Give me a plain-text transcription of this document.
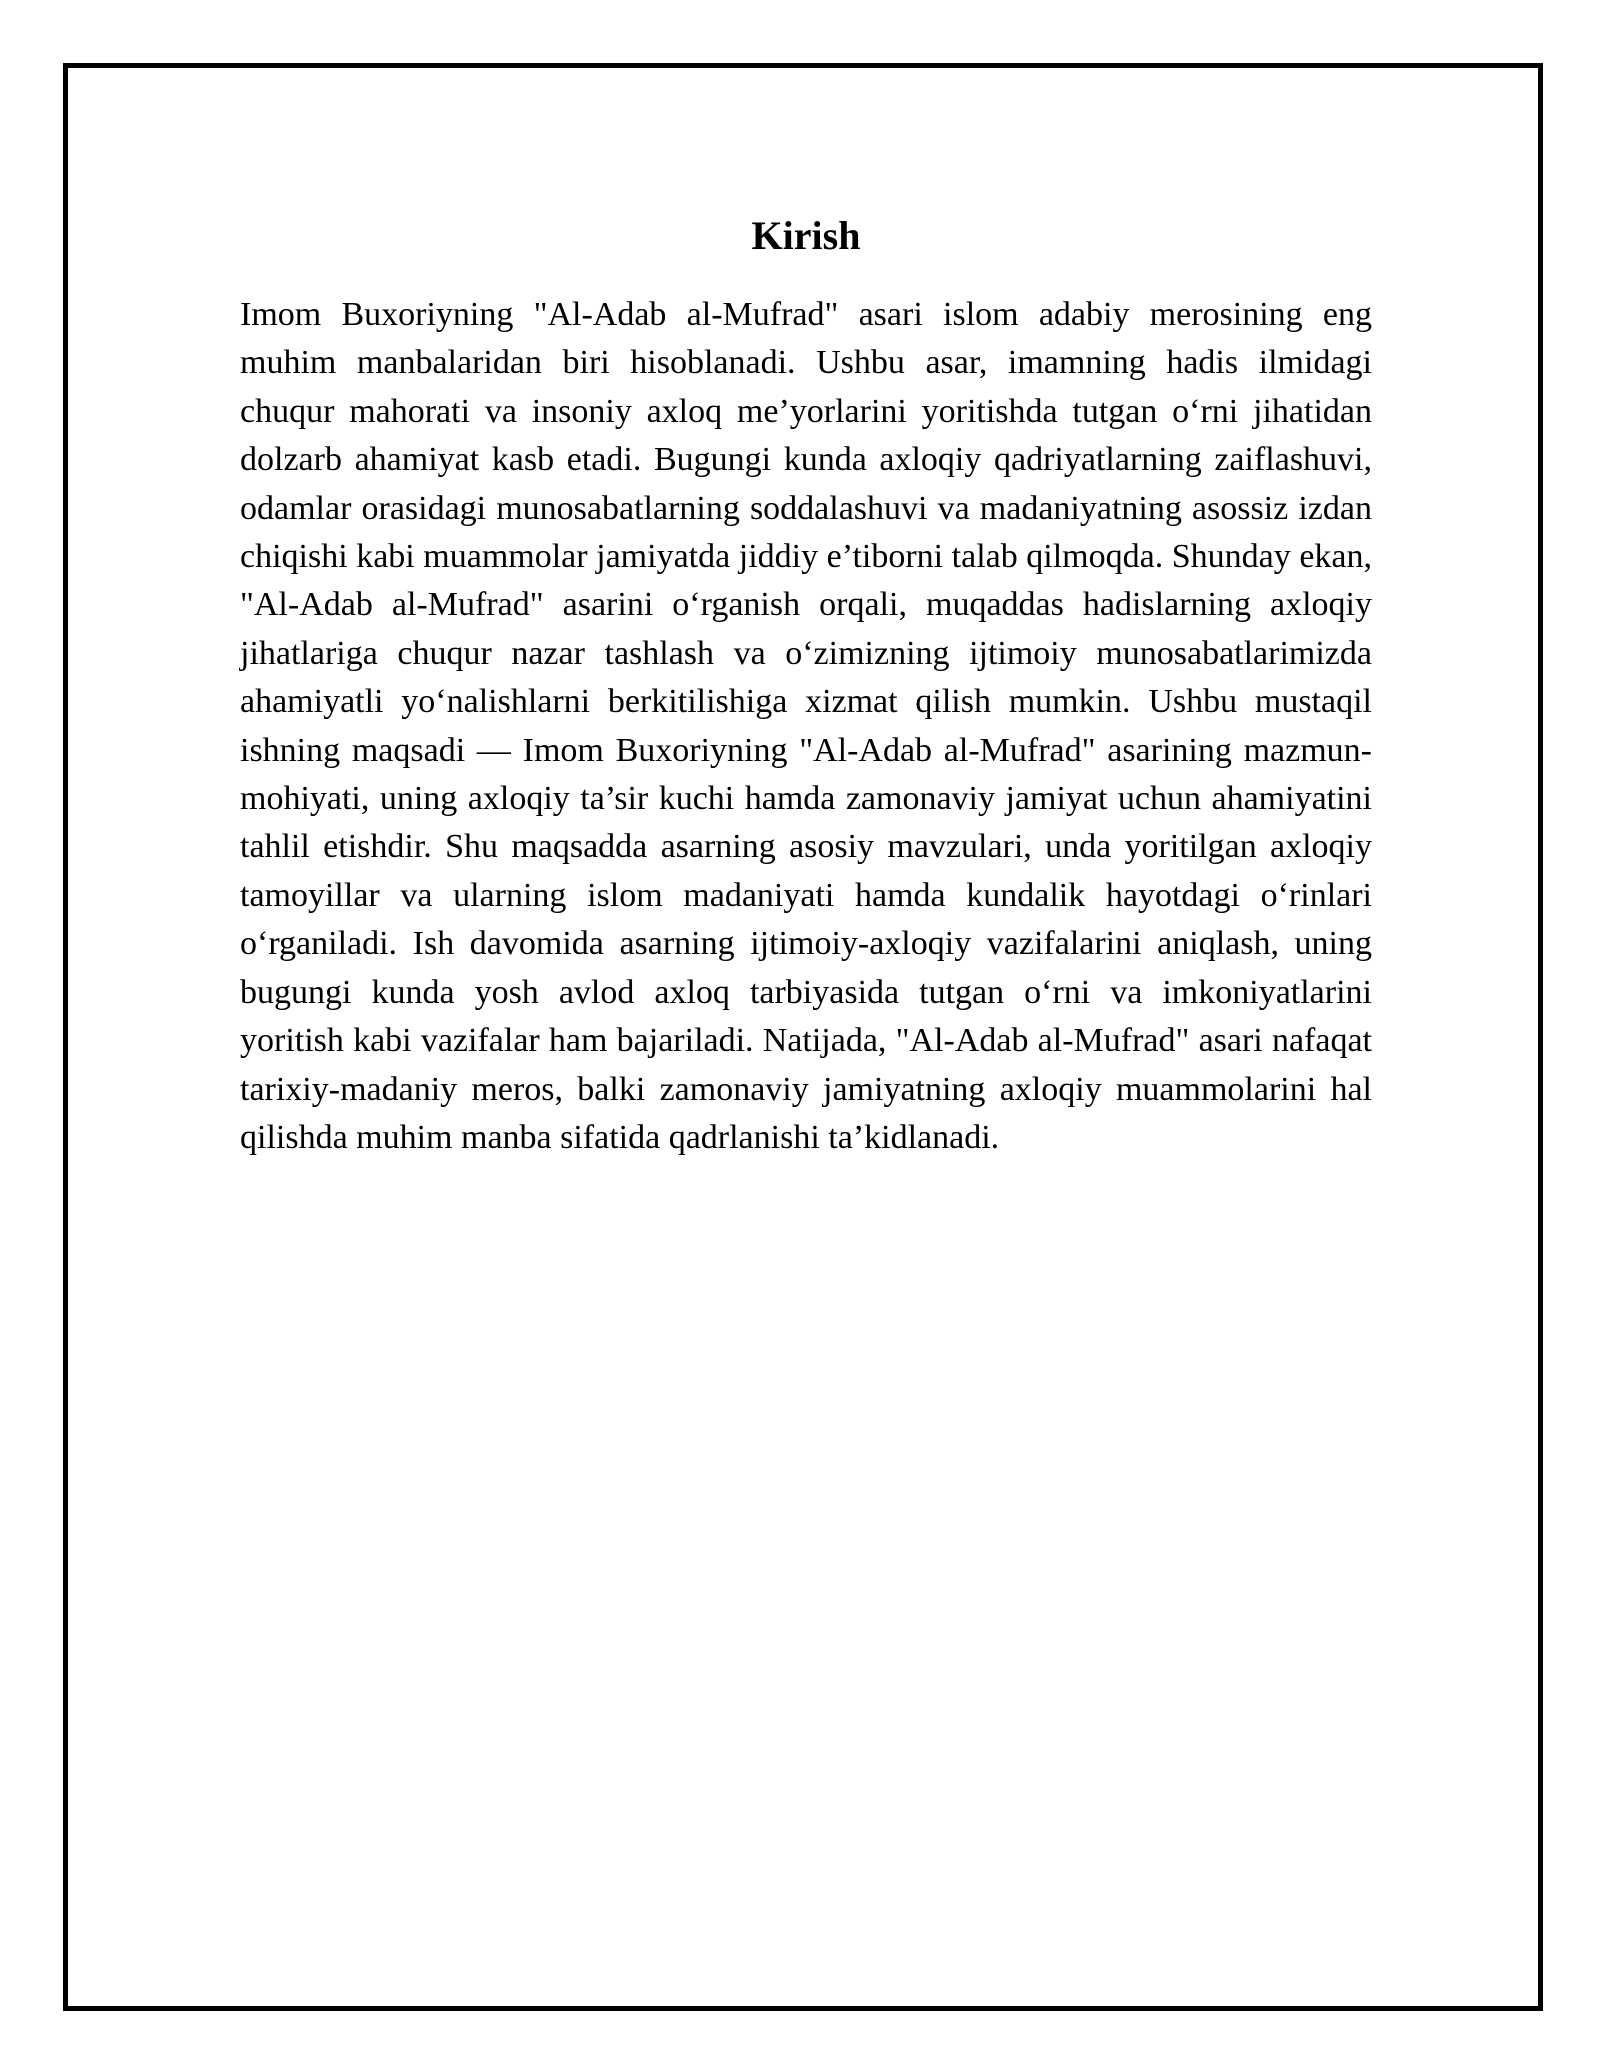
Kirish

Imom Buxoriyning "Al-Adab al-Mufrad" asari islom adabiy merosining eng muhim manbalaridan biri hisoblanadi. Ushbu asar, imamning hadis ilmidagi chuqur mahorati va insoniy axloq me’yorlarini yoritishda tutgan o‘rni jihatidan dolzarb ahamiyat kasb etadi. Bugungi kunda axloqiy qadriyatlarning zaiflashuvi, odamlar orasidagi munosabatlarning soddalashuvi va madaniyatning asossiz izdan chiqishi kabi muammolar jamiyatda jiddiy e’tiborni talab qilmoqda. Shunday ekan, "Al-Adab al-Mufrad" asarini o‘rganish orqali, muqaddas hadislarning axloqiy jihatlariga chuqur nazar tashlash va o‘zimizning ijtimoiy munosabatlarimizda ahamiyatli yo‘nalishlarni berkitilishiga xizmat qilish mumkin. Ushbu mustaqil ishning maqsadi — Imom Buxoriyning "Al-Adab al-Mufrad" asarining mazmun-mohiyati, uning axloqiy ta’sir kuchi hamda zamonaviy jamiyat uchun ahamiyatini tahlil etishdir. Shu maqsadda asarning asosiy mavzulari, unda yoritilgan axloqiy tamoyillar va ularning islom madaniyati hamda kundalik hayotdagi o‘rinlari o‘rganiladi. Ish davomida asarning ijtimoiy-axloqiy vazifalarini aniqlash, uning bugungi kunda yosh avlod axloq tarbiyasida tutgan o‘rni va imkoniyatlarini yoritish kabi vazifalar ham bajariladi. Natijada, "Al-Adab al-Mufrad" asari nafaqat tarixiy-madaniy meros, balki zamonaviy jamiyatning axloqiy muammolarini hal qilishda muhim manba sifatida qadrlanishi ta’kidlanadi.
